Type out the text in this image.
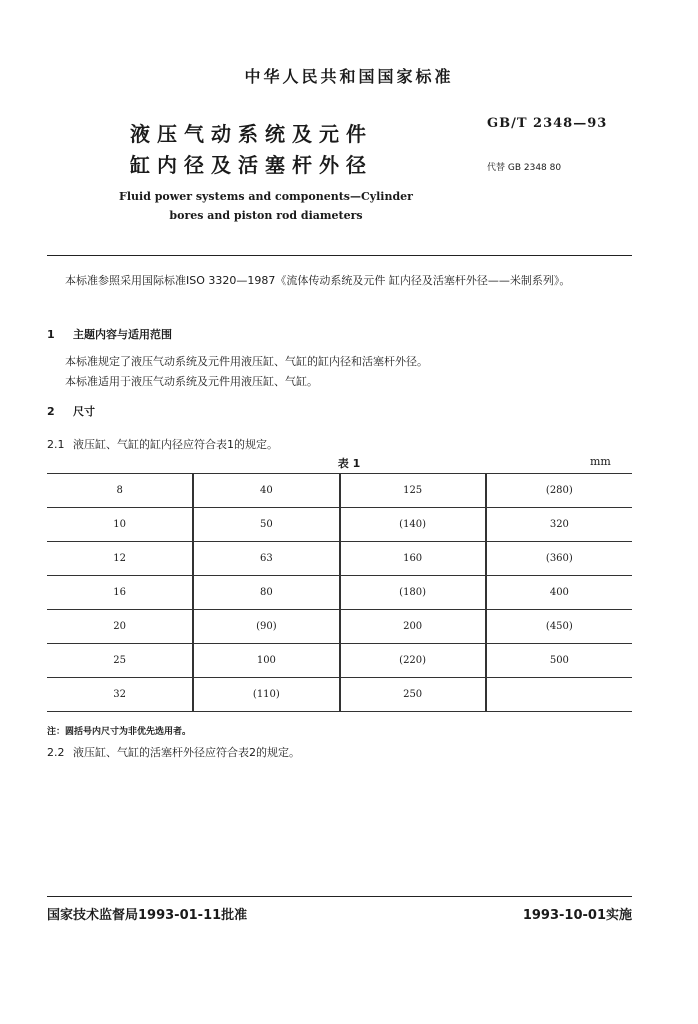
中华人民共和国国家标准
液压气动系统及元件
缸内径及活塞杆外径
GB/T 2348—93
代替 GB 2348 80
Fluid power systems and components—Cylinder
bores and piston rod diameters
本标准参照采用国际标准ISO 3320—1987《流体传动系统及元件 缸内径及活塞杆外径——米制系列》。
1 主题内容与适用范围
本标准规定了液压气动系统及元件用液压缸、气缸的缸内径和活塞杆外径。
本标准适用于液压气动系统及元件用液压缸、气缸。
2 尺寸
2.1 液压缸、气缸的缸内径应符合表1的规定。
表 1	mm
8	40	125	(280)
10	50	(140)	320
12	63	160	(360)
16	80	(180)	400
20	(90)	200	(450)
25	100	(220)	500
32	(110)	250	
注：圆括号内尺寸为非优先选用者。
2.2 液压缸、气缸的活塞杆外径应符合表2的规定。
国家技术监督局1993-01-11批准	1993-10-01实施
